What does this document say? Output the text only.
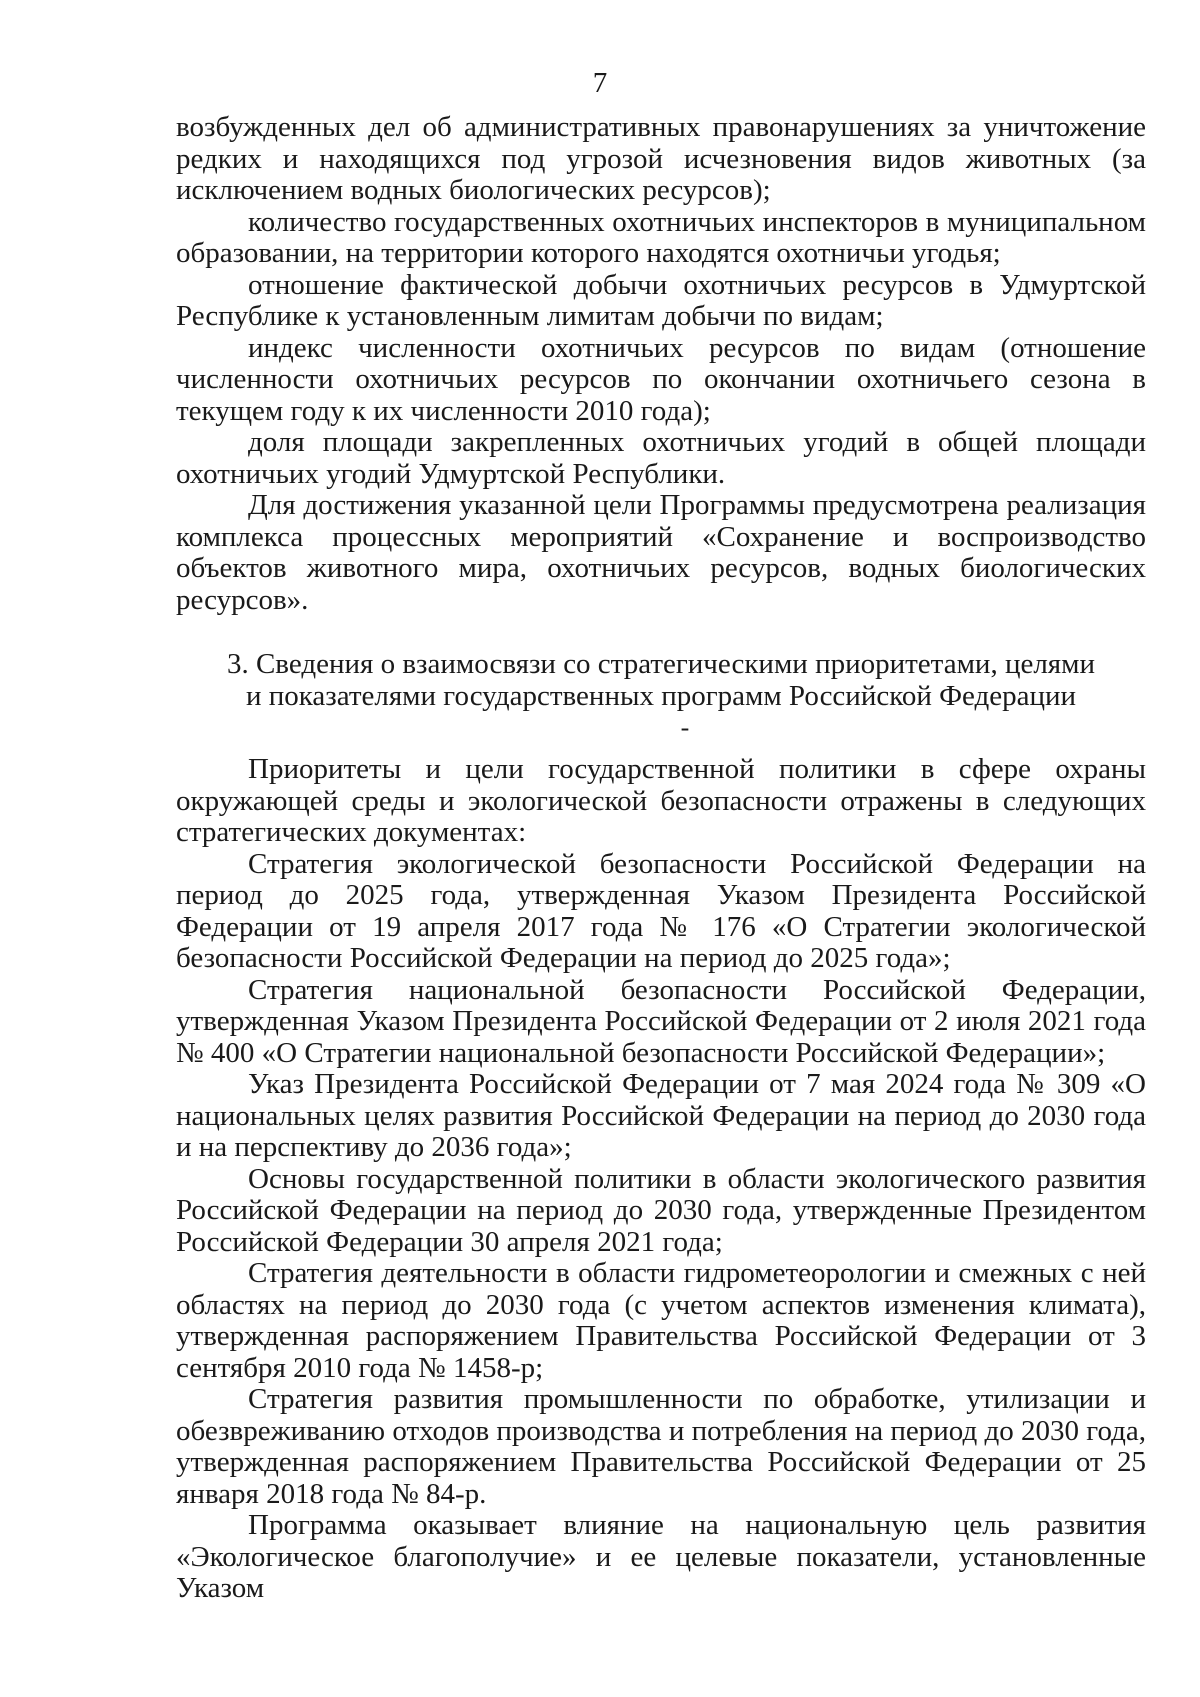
7

возбужденных дел об административных правонарушениях за уничтожение редких и находящихся под угрозой исчезновения видов животных (за исключением водных биологических ресурсов);

количество государственных охотничьих инспекторов в муниципальном образовании, на территории которого находятся охотничьи угодья;

отношение фактической добычи охотничьих ресурсов в Удмуртской Республике к установленным лимитам добычи по видам;

индекс численности охотничьих ресурсов по видам (отношение численности охотничьих ресурсов по окончании охотничьего сезона в текущем году к их численности 2010 года);

доля площади закрепленных охотничьих угодий в общей площади охотничьих угодий Удмуртской Республики.

Для достижения указанной цели Программы предусмотрена реализация комплекса процессных мероприятий «Сохранение и воспроизводство объектов животного мира, охотничьих ресурсов, водных биологических ресурсов».

3. Сведения о взаимосвязи со стратегическими приоритетами, целями и показателями государственных программ Российской Федерации
-

Приоритеты и цели государственной политики в сфере охраны окружающей среды и экологической безопасности отражены в следующих стратегических документах:

Стратегия экологической безопасности Российской Федерации на период до 2025 года, утвержденная Указом Президента Российской Федерации от 19 апреля 2017 года № 176 «О Стратегии экологической безопасности Российской Федерации на период до 2025 года»;

Стратегия национальной безопасности Российской Федерации, утвержденная Указом Президента Российской Федерации от 2 июля 2021 года № 400 «О Стратегии национальной безопасности Российской Федерации»;

Указ Президента Российской Федерации от 7 мая 2024 года № 309 «О национальных целях развития Российской Федерации на период до 2030 года и на перспективу до 2036 года»;

Основы государственной политики в области экологического развития Российской Федерации на период до 2030 года, утвержденные Президентом Российской Федерации 30 апреля 2021 года;

Стратегия деятельности в области гидрометеорологии и смежных с ней областях на период до 2030 года (с учетом аспектов изменения климата), утвержденная распоряжением Правительства Российской Федерации от 3 сентября 2010 года № 1458-р;

Стратегия развития промышленности по обработке, утилизации и обезвреживанию отходов производства и потребления на период до 2030 года, утвержденная распоряжением Правительства Российской Федерации от 25 января 2018 года № 84-р.

Программа оказывает влияние на национальную цель развития «Экологическое благополучие» и ее целевые показатели, установленные Указом
